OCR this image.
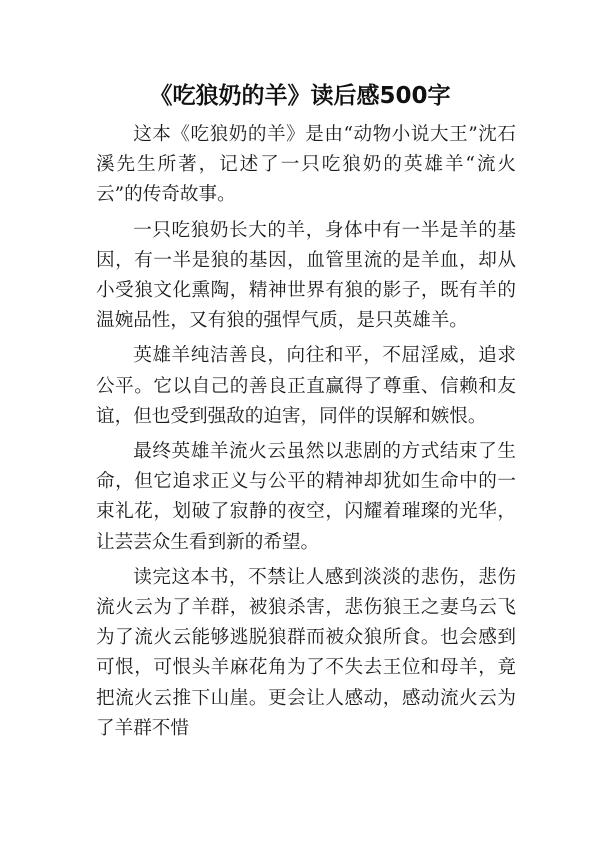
《吃狼奶的羊》读后感500字

这本《吃狼奶的羊》是由“动物小说大王”沈石溪先生所著，记述了一只吃狼奶的英雄羊“流火云”的传奇故事。

一只吃狼奶长大的羊，身体中有一半是羊的基因，有一半是狼的基因，血管里流的是羊血，却从小受狼文化熏陶，精神世界有狼的影子，既有羊的温婉品性，又有狼的强悍气质，是只英雄羊。

英雄羊纯洁善良，向往和平，不屈淫威，追求公平。它以自己的善良正直赢得了尊重、信赖和友谊，但也受到强敌的迫害，同伴的误解和嫉恨。

最终英雄羊流火云虽然以悲剧的方式结束了生命，但它追求正义与公平的精神却犹如生命中的一束礼花，划破了寂静的夜空，闪耀着璀璨的光华，让芸芸众生看到新的希望。

读完这本书，不禁让人感到淡淡的悲伤，悲伤流火云为了羊群，被狼杀害，悲伤狼王之妻乌云飞为了流火云能够逃脱狼群而被众狼所食。也会感到可恨，可恨头羊麻花角为了不失去王位和母羊，竟把流火云推下山崖。更会让人感动，感动流火云为了羊群不惜
